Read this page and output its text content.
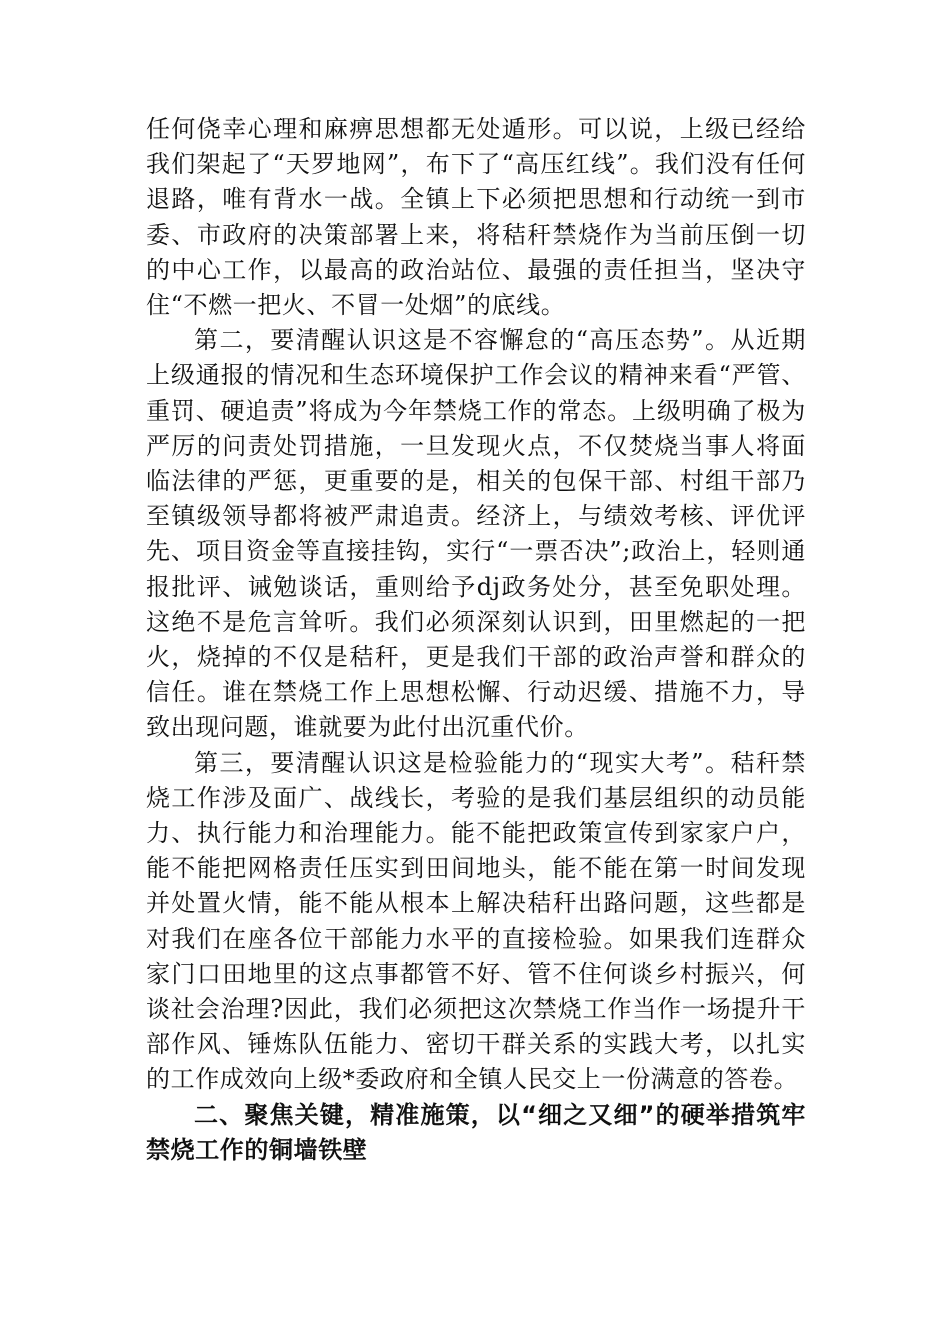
任何侥幸心理和麻痹思想都无处遁形。可以说，上级已经给我们架起了“天罗地网”，布下了“高压红线”。我们没有任何退路，唯有背水一战。全镇上下必须把思想和行动统一到市委、市政府的决策部署上来，将秸秆禁烧作为当前压倒一切的中心工作，以最高的政治站位、最强的责任担当，坚决守住“不燃一把火、不冒一处烟”的底线。

第二，要清醒认识这是不容懈怠的“高压态势”。从近期上级通报的情况和生态环境保护工作会议的精神来看“严管、重罚、硬追责”将成为今年禁烧工作的常态。上级明确了极为严厉的问责处罚措施，一旦发现火点，不仅焚烧当事人将面临法律的严惩，更重要的是，相关的包保干部、村组干部乃至镇级领导都将被严肃追责。经济上，与绩效考核、评优评先、项目资金等直接挂钩，实行“一票否决”;政治上，轻则通报批评、诫勉谈话，重则给予dj政务处分，甚至免职处理。这绝不是危言耸听。我们必须深刻认识到，田里燃起的一把火，烧掉的不仅是秸秆，更是我们干部的政治声誉和群众的信任。谁在禁烧工作上思想松懈、行动迟缓、措施不力，导致出现问题，谁就要为此付出沉重代价。

第三，要清醒认识这是检验能力的“现实大考”。秸秆禁烧工作涉及面广、战线长，考验的是我们基层组织的动员能力、执行能力和治理能力。能不能把政策宣传到家家户户，能不能把网格责任压实到田间地头，能不能在第一时间发现并处置火情，能不能从根本上解决秸秆出路问题，这些都是对我们在座各位干部能力水平的直接检验。如果我们连群众家门口田地里的这点事都管不好、管不住何谈乡村振兴，何谈社会治理?因此，我们必须把这次禁烧工作当作一场提升干部作风、锤炼队伍能力、密切干群关系的实践大考，以扎实的工作成效向上级*委政府和全镇人民交上一份满意的答卷。

二、聚焦关键，精准施策，以“细之又细”的硬举措筑牢禁烧工作的铜墙铁壁
